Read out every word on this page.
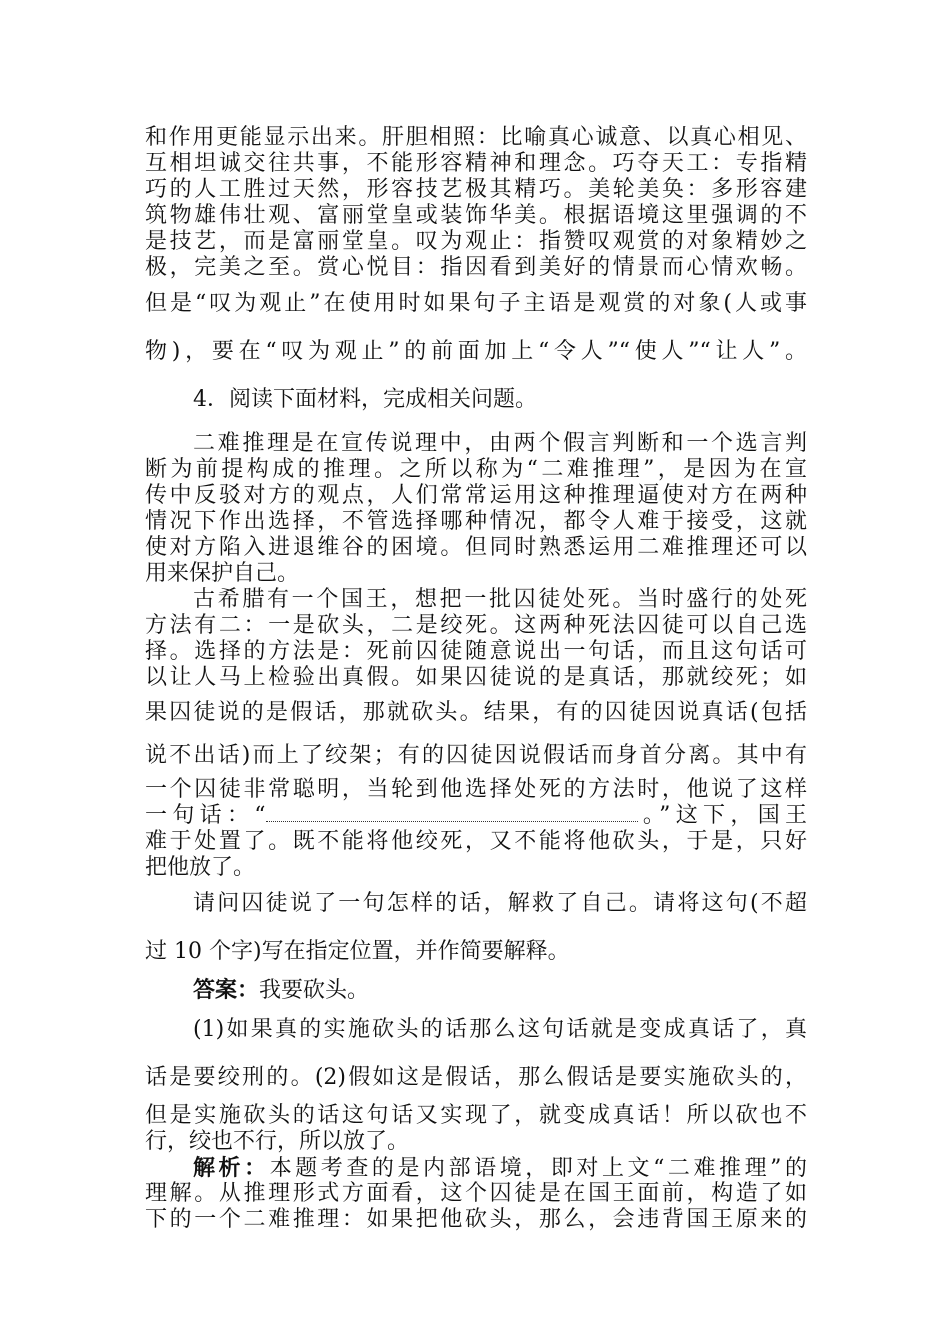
和作用更能显示出来。肝胆相照：比喻真心诚意、以真心相见、
互相坦诚交往共事，不能形容精神和理念。巧夺天工：专指精
巧的人工胜过天然，形容技艺极其精巧。美轮美奂：多形容建
筑物雄伟壮观、富丽堂皇或装饰华美。根据语境这里强调的不
是技艺，而是富丽堂皇。叹为观止：指赞叹观赏的对象精妙之
极，完美之至。赏心悦目：指因看到美好的情景而心情欢畅。
但是“叹为观止”在使用时如果句子主语是观赏的对象(人或事
物)，要在“叹为观止”的前面加上“令人”“使人”“让人”。
4．阅读下面材料，完成相关问题。
二难推理是在宣传说理中，由两个假言判断和一个选言判
断为前提构成的推理。之所以称为“二难推理”，是因为在宣
传中反驳对方的观点，人们常常运用这种推理逼使对方在两种
情况下作出选择，不管选择哪种情况，都令人难于接受，这就
使对方陷入进退维谷的困境。但同时熟悉运用二难推理还可以
用来保护自己。
古希腊有一个国王，想把一批囚徒处死。当时盛行的处死
方法有二：一是砍头，二是绞死。这两种死法囚徒可以自己选
择。选择的方法是：死前囚徒随意说出一句话，而且这句话可
以让人马上检验出真假。如果囚徒说的是真话，那就绞死；如
果囚徒说的是假话，那就砍头。结果，有的囚徒因说真话(包括
说不出话)而上了绞架；有的囚徒因说假话而身首分离。其中有
一个囚徒非常聪明，当轮到他选择处死的方法时，他说了这样
一句话：“	。”这下，国王
难于处置了。既不能将他绞死，又不能将他砍头，于是，只好
把他放了。
请问囚徒说了一句怎样的话，解救了自己。请将这句(不超
过 10 个字)写在指定位置，并作简要解释。
答案：我要砍头。
(1)如果真的实施砍头的话那么这句话就是变成真话了，真
话是要绞刑的。(2)假如这是假话，那么假话是要实施砍头的，
但是实施砍头的话这句话又实现了，就变成真话！所以砍也不
行，绞也不行，所以放了。
解析：本题考查的是内部语境，即对上文“二难推理”的
理解。从推理形式方面看，这个囚徒是在国王面前，构造了如
下的一个二难推理：如果把他砍头，那么，会违背国王原来的
